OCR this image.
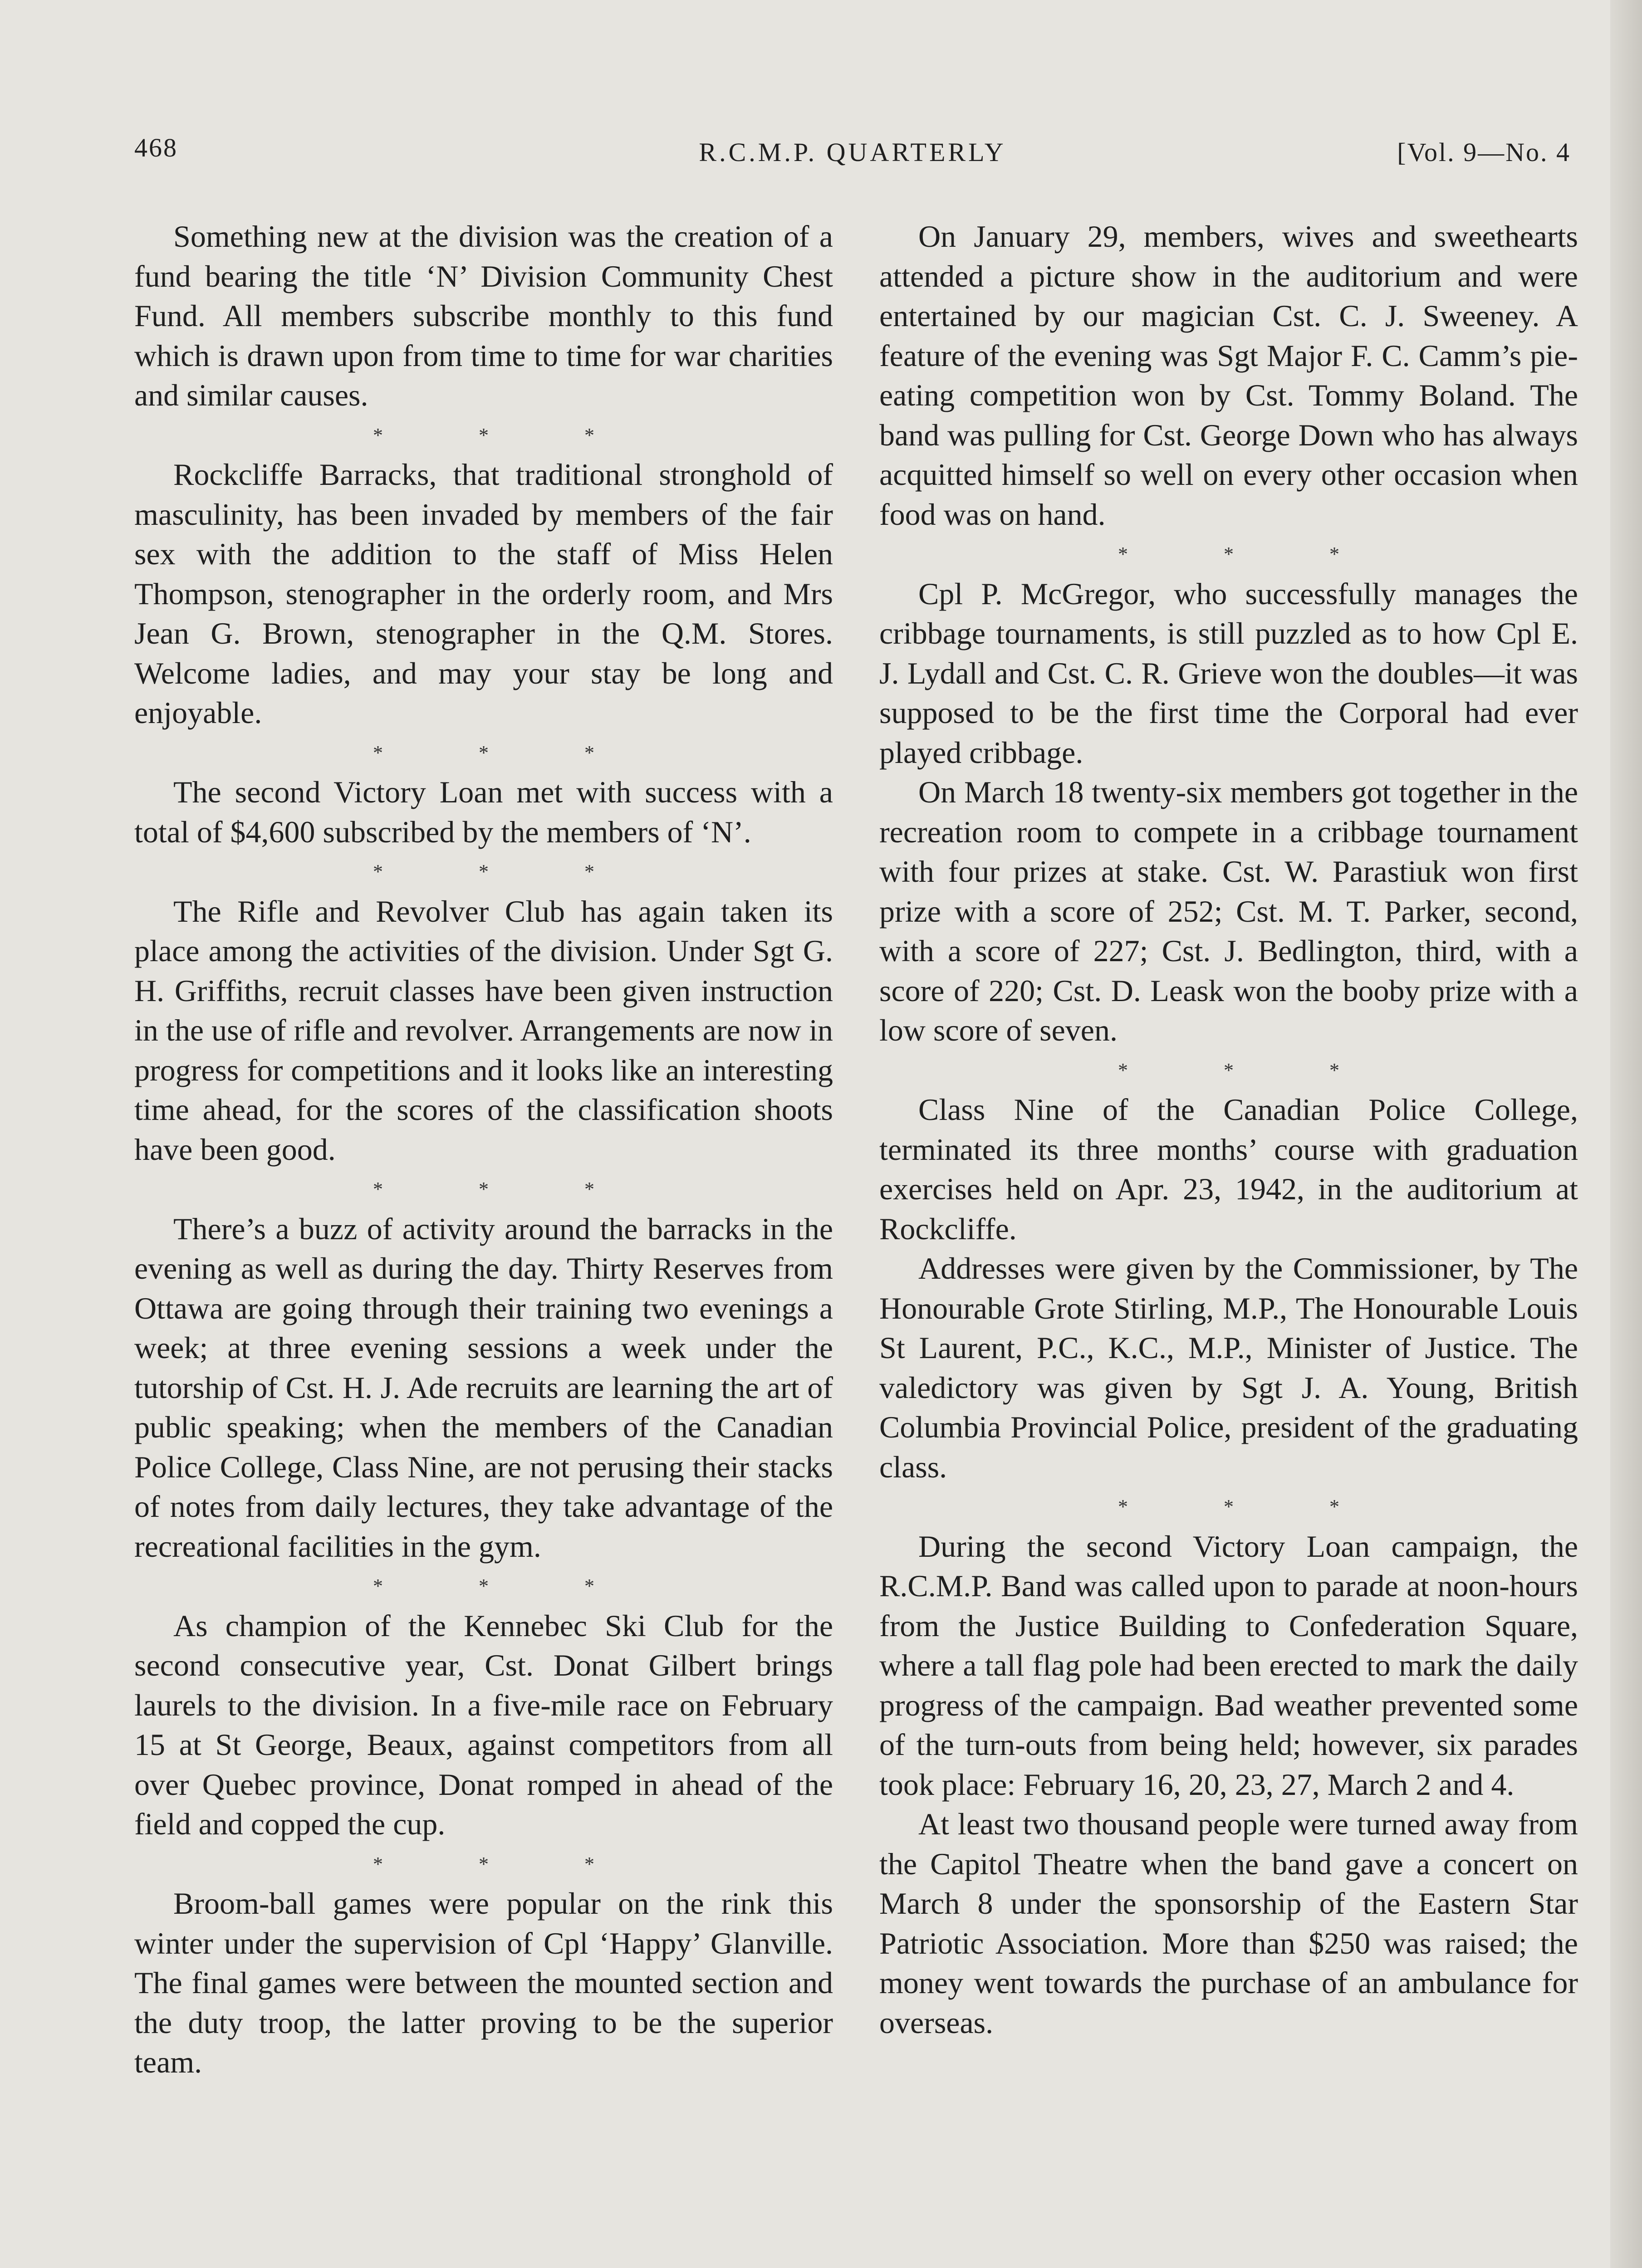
468	R.C.M.P. QUARTERLY	[Vol. 9—No. 4

Something new at the division was the creation of a fund bearing the title ‘N’ Division Community Chest Fund. All members subscribe monthly to this fund which is drawn upon from time to time for war charities and similar causes.

* * *

Rockcliffe Barracks, that traditional stronghold of masculinity, has been invaded by members of the fair sex with the addition to the staff of Miss Helen Thompson, stenographer in the orderly room, and Mrs Jean G. Brown, stenographer in the Q.M. Stores. Welcome ladies, and may your stay be long and enjoyable.

* * *

The second Victory Loan met with success with a total of $4,600 subscribed by the members of ‘N’.

* * *

The Rifle and Revolver Club has again taken its place among the activities of the division. Under Sgt G. H. Griffiths, recruit classes have been given instruction in the use of rifle and revolver. Arrangements are now in progress for competitions and it looks like an interesting time ahead, for the scores of the classification shoots have been good.

* * *

There’s a buzz of activity around the barracks in the evening as well as during the day. Thirty Reserves from Ottawa are going through their training two evenings a week; at three evening sessions a week under the tutorship of Cst. H. J. Ade recruits are learning the art of public speaking; when the members of the Canadian Police College, Class Nine, are not perusing their stacks of notes from daily lectures, they take advantage of the recreational facilities in the gym.

* * *

As champion of the Kennebec Ski Club for the second consecutive year, Cst. Donat Gilbert brings laurels to the division. In a five-mile race on February 15 at St George, Beaux, against competitors from all over Quebec province, Donat romped in ahead of the field and copped the cup.

* * *

Broom-ball games were popular on the rink this winter under the supervision of Cpl ‘Happy’ Glanville. The final games were between the mounted section and the duty troop, the latter proving to be the superior team.

On January 29, members, wives and sweethearts attended a picture show in the auditorium and were entertained by our magician Cst. C. J. Sweeney. A feature of the evening was Sgt Major F. C. Camm’s pie-eating competition won by Cst. Tommy Boland. The band was pulling for Cst. George Down who has always acquitted himself so well on every other occasion when food was on hand.

* * *

Cpl P. McGregor, who successfully manages the cribbage tournaments, is still puzzled as to how Cpl E. J. Lydall and Cst. C. R. Grieve won the doubles—it was supposed to be the first time the Corporal had ever played cribbage.

On March 18 twenty-six members got together in the recreation room to compete in a cribbage tournament with four prizes at stake. Cst. W. Parastiuk won first prize with a score of 252; Cst. M. T. Parker, second, with a score of 227; Cst. J. Bedlington, third, with a score of 220; Cst. D. Leask won the booby prize with a low score of seven.

* * *

Class Nine of the Canadian Police College, terminated its three months’ course with graduation exercises held on Apr. 23, 1942, in the auditorium at Rockcliffe.

Addresses were given by the Commissioner, by The Honourable Grote Stirling, M.P., The Honourable Louis St Laurent, P.C., K.C., M.P., Minister of Justice. The valedictory was given by Sgt J. A. Young, British Columbia Provincial Police, president of the graduating class.

* * *

During the second Victory Loan campaign, the R.C.M.P. Band was called upon to parade at noon-hours from the Justice Building to Confederation Square, where a tall flag pole had been erected to mark the daily progress of the campaign. Bad weather prevented some of the turn-outs from being held; however, six parades took place: February 16, 20, 23, 27, March 2 and 4.

At least two thousand people were turned away from the Capitol Theatre when the band gave a concert on March 8 under the sponsorship of the Eastern Star Patriotic Association. More than $250 was raised; the money went towards the purchase of an ambulance for overseas.
